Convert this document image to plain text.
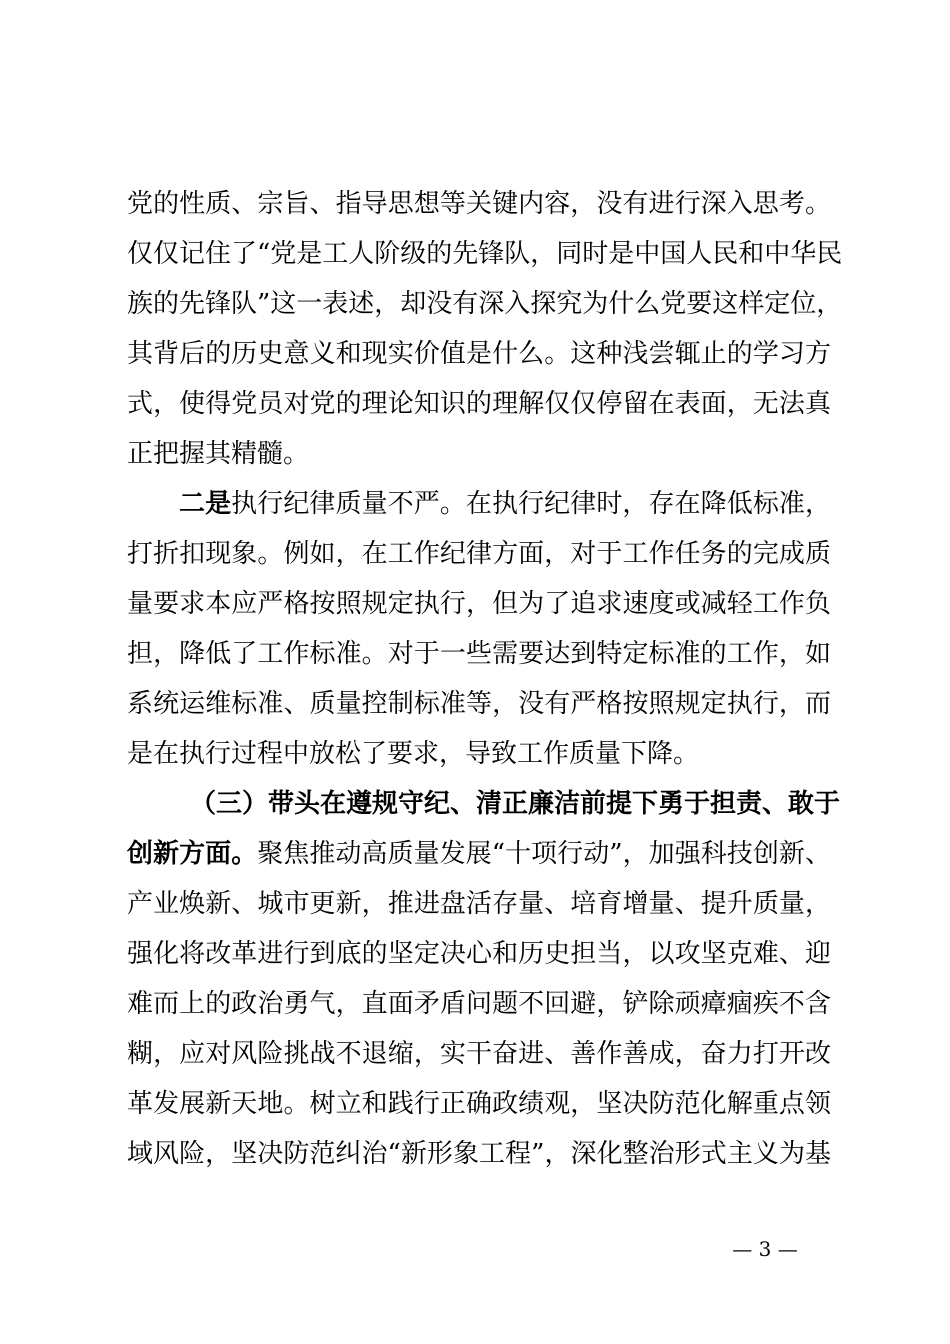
党的性质、宗旨、指导思想等关键内容，没有进行深入思考。
仅仅记住了“党是工人阶级的先锋队，同时是中国人民和中华民
族的先锋队”这一表述，却没有深入探究为什么党要这样定位，
其背后的历史意义和现实价值是什么。这种浅尝辄止的学习方
式，使得党员对党的理论知识的理解仅仅停留在表面，无法真
正把握其精髓。
二是执行纪律质量不严。在执行纪律时，存在降低标准，
打折扣现象。例如，在工作纪律方面，对于工作任务的完成质
量要求本应严格按照规定执行，但为了追求速度或减轻工作负
担，降低了工作标准。对于一些需要达到特定标准的工作，如
系统运维标准、质量控制标准等，没有严格按照规定执行，而
是在执行过程中放松了要求，导致工作质量下降。
（三）带头在遵规守纪、清正廉洁前提下勇于担责、敢于
创新方面。聚焦推动高质量发展“十项行动”，加强科技创新、
产业焕新、城市更新，推进盘活存量、培育增量、提升质量，
强化将改革进行到底的坚定决心和历史担当，以攻坚克难、迎
难而上的政治勇气，直面矛盾问题不回避，铲除顽瘴痼疾不含
糊，应对风险挑战不退缩，实干奋进、善作善成，奋力打开改
革发展新天地。树立和践行正确政绩观，坚决防范化解重点领
域风险，坚决防范纠治“新形象工程”，深化整治形式主义为基
— 3 —
